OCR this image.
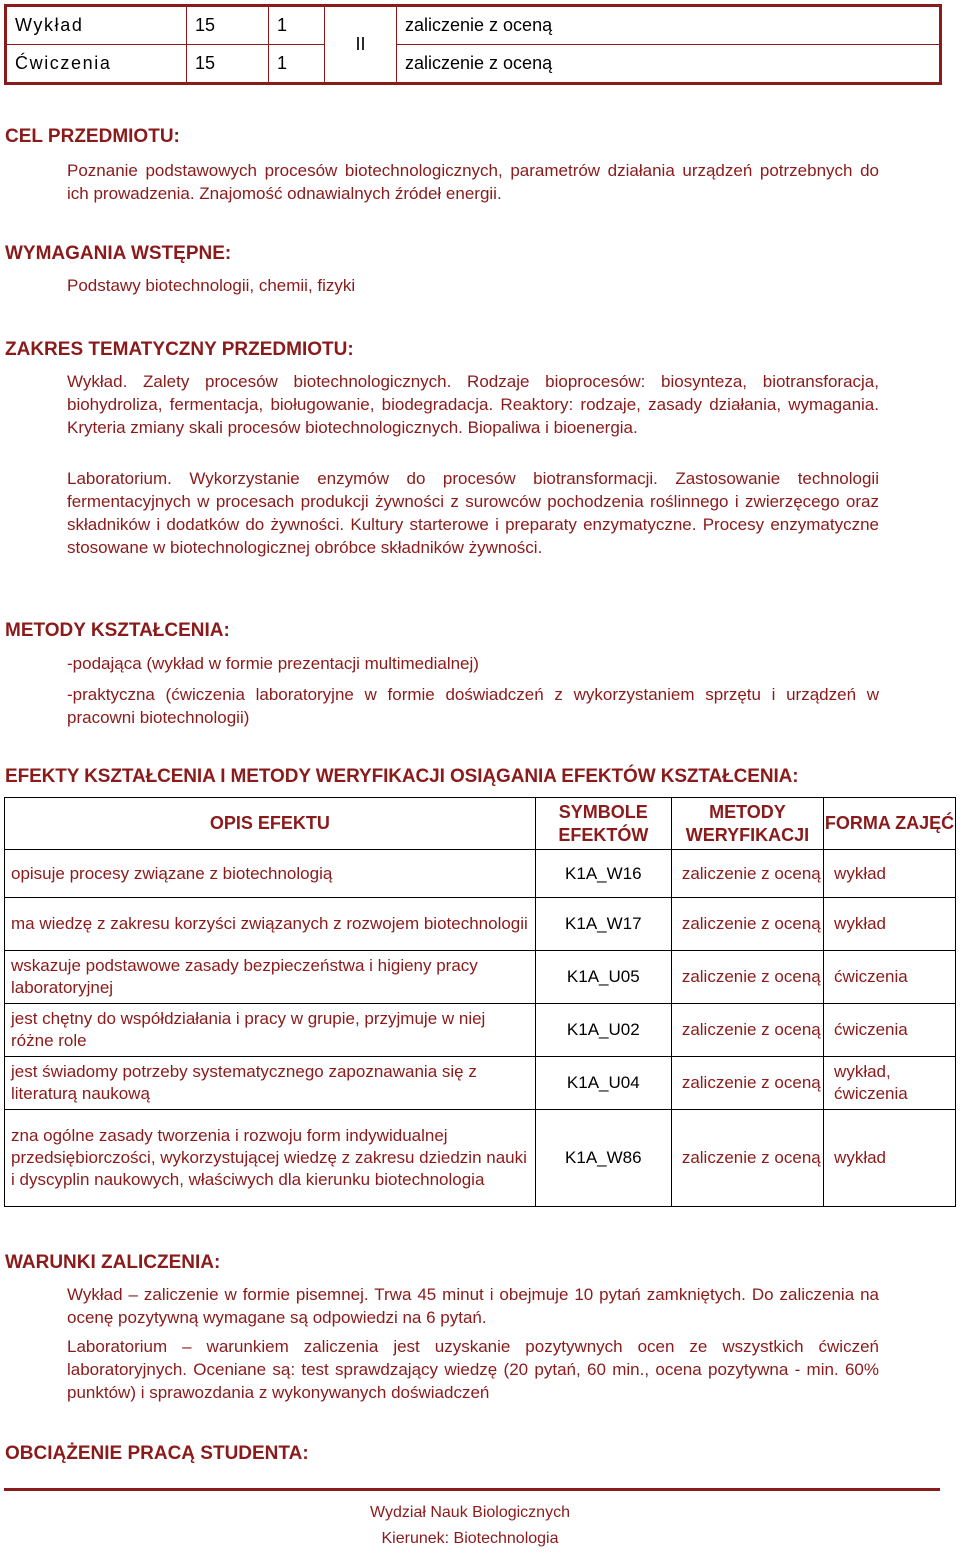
Wykład	15	1	II	zaliczenie z oceną
Ćwiczenia	15	1		zaliczenie z oceną
CEL PRZEDMIOTU:
Poznanie podstawowych procesów biotechnologicznych, parametrów działania urządzeń potrzebnych do ich prowadzenia. Znajomość odnawialnych źródeł energii.
WYMAGANIA WSTĘPNE:
Podstawy biotechnologii, chemii, fizyki
ZAKRES TEMATYCZNY PRZEDMIOTU:
Wykład. Zalety procesów biotechnologicznych. Rodzaje bioprocesów: biosynteza, biotransforacja, biohydroliza, fermentacja, bioługowanie, biodegradacja. Reaktory: rodzaje, zasady działania, wymagania. Kryteria zmiany skali procesów biotechnologicznych. Biopaliwa i bioenergia.
Laboratorium. Wykorzystanie enzymów do procesów biotransformacji. Zastosowanie technologii fermentacyjnych w procesach produkcji żywności z surowców pochodzenia roślinnego i zwierzęcego oraz składników i dodatków do żywności. Kultury starterowe i preparaty enzymatyczne. Procesy enzymatyczne stosowane w biotechnologicznej obróbce składników żywności.
METODY KSZTAŁCENIA:
-podająca (wykład w formie prezentacji multimedialnej)
-praktyczna (ćwiczenia laboratoryjne w formie doświadczeń z wykorzystaniem sprzętu i urządzeń w pracowni biotechnologii)
EFEKTY KSZTAŁCENIA I METODY WERYFIKACJI OSIĄGANIA EFEKTÓW KSZTAŁCENIA:
OPIS EFEKTU	SYMBOLE EFEKTÓW	METODY WERYFIKACJI	FORMA ZAJĘĆ
opisuje procesy związane z biotechnologią	K1A_W16	zaliczenie z oceną	wykład
ma wiedzę z zakresu korzyści związanych z rozwojem biotechnologii	K1A_W17	zaliczenie z oceną	wykład
wskazuje podstawowe zasady bezpieczeństwa i higieny pracy laboratoryjnej	K1A_U05	zaliczenie z oceną	ćwiczenia
jest chętny do współdziałania i pracy w grupie, przyjmuje w niej różne role	K1A_U02	zaliczenie z oceną	ćwiczenia
jest świadomy potrzeby systematycznego zapoznawania się z literaturą naukową	K1A_U04	zaliczenie z oceną	wykład, ćwiczenia
zna ogólne zasady tworzenia i rozwoju form indywidualnej przedsiębiorczości, wykorzystującej wiedzę z zakresu dziedzin nauki i dyscyplin naukowych, właściwych dla kierunku biotechnologia	K1A_W86	zaliczenie z oceną	wykład
WARUNKI ZALICZENIA:
Wykład – zaliczenie w formie pisemnej. Trwa 45 minut i obejmuje 10 pytań zamkniętych. Do zaliczenia na ocenę pozytywną wymagane są odpowiedzi na 6 pytań.
Laboratorium – warunkiem zaliczenia jest uzyskanie pozytywnych ocen ze wszystkich ćwiczeń laboratoryjnych. Oceniane są: test sprawdzający wiedzę (20 pytań, 60 min., ocena pozytywna - min. 60% punktów) i sprawozdania z wykonywanych doświadczeń
OBCIĄŻENIE PRACĄ STUDENTA:
Wydział Nauk Biologicznych
Kierunek: Biotechnologia
